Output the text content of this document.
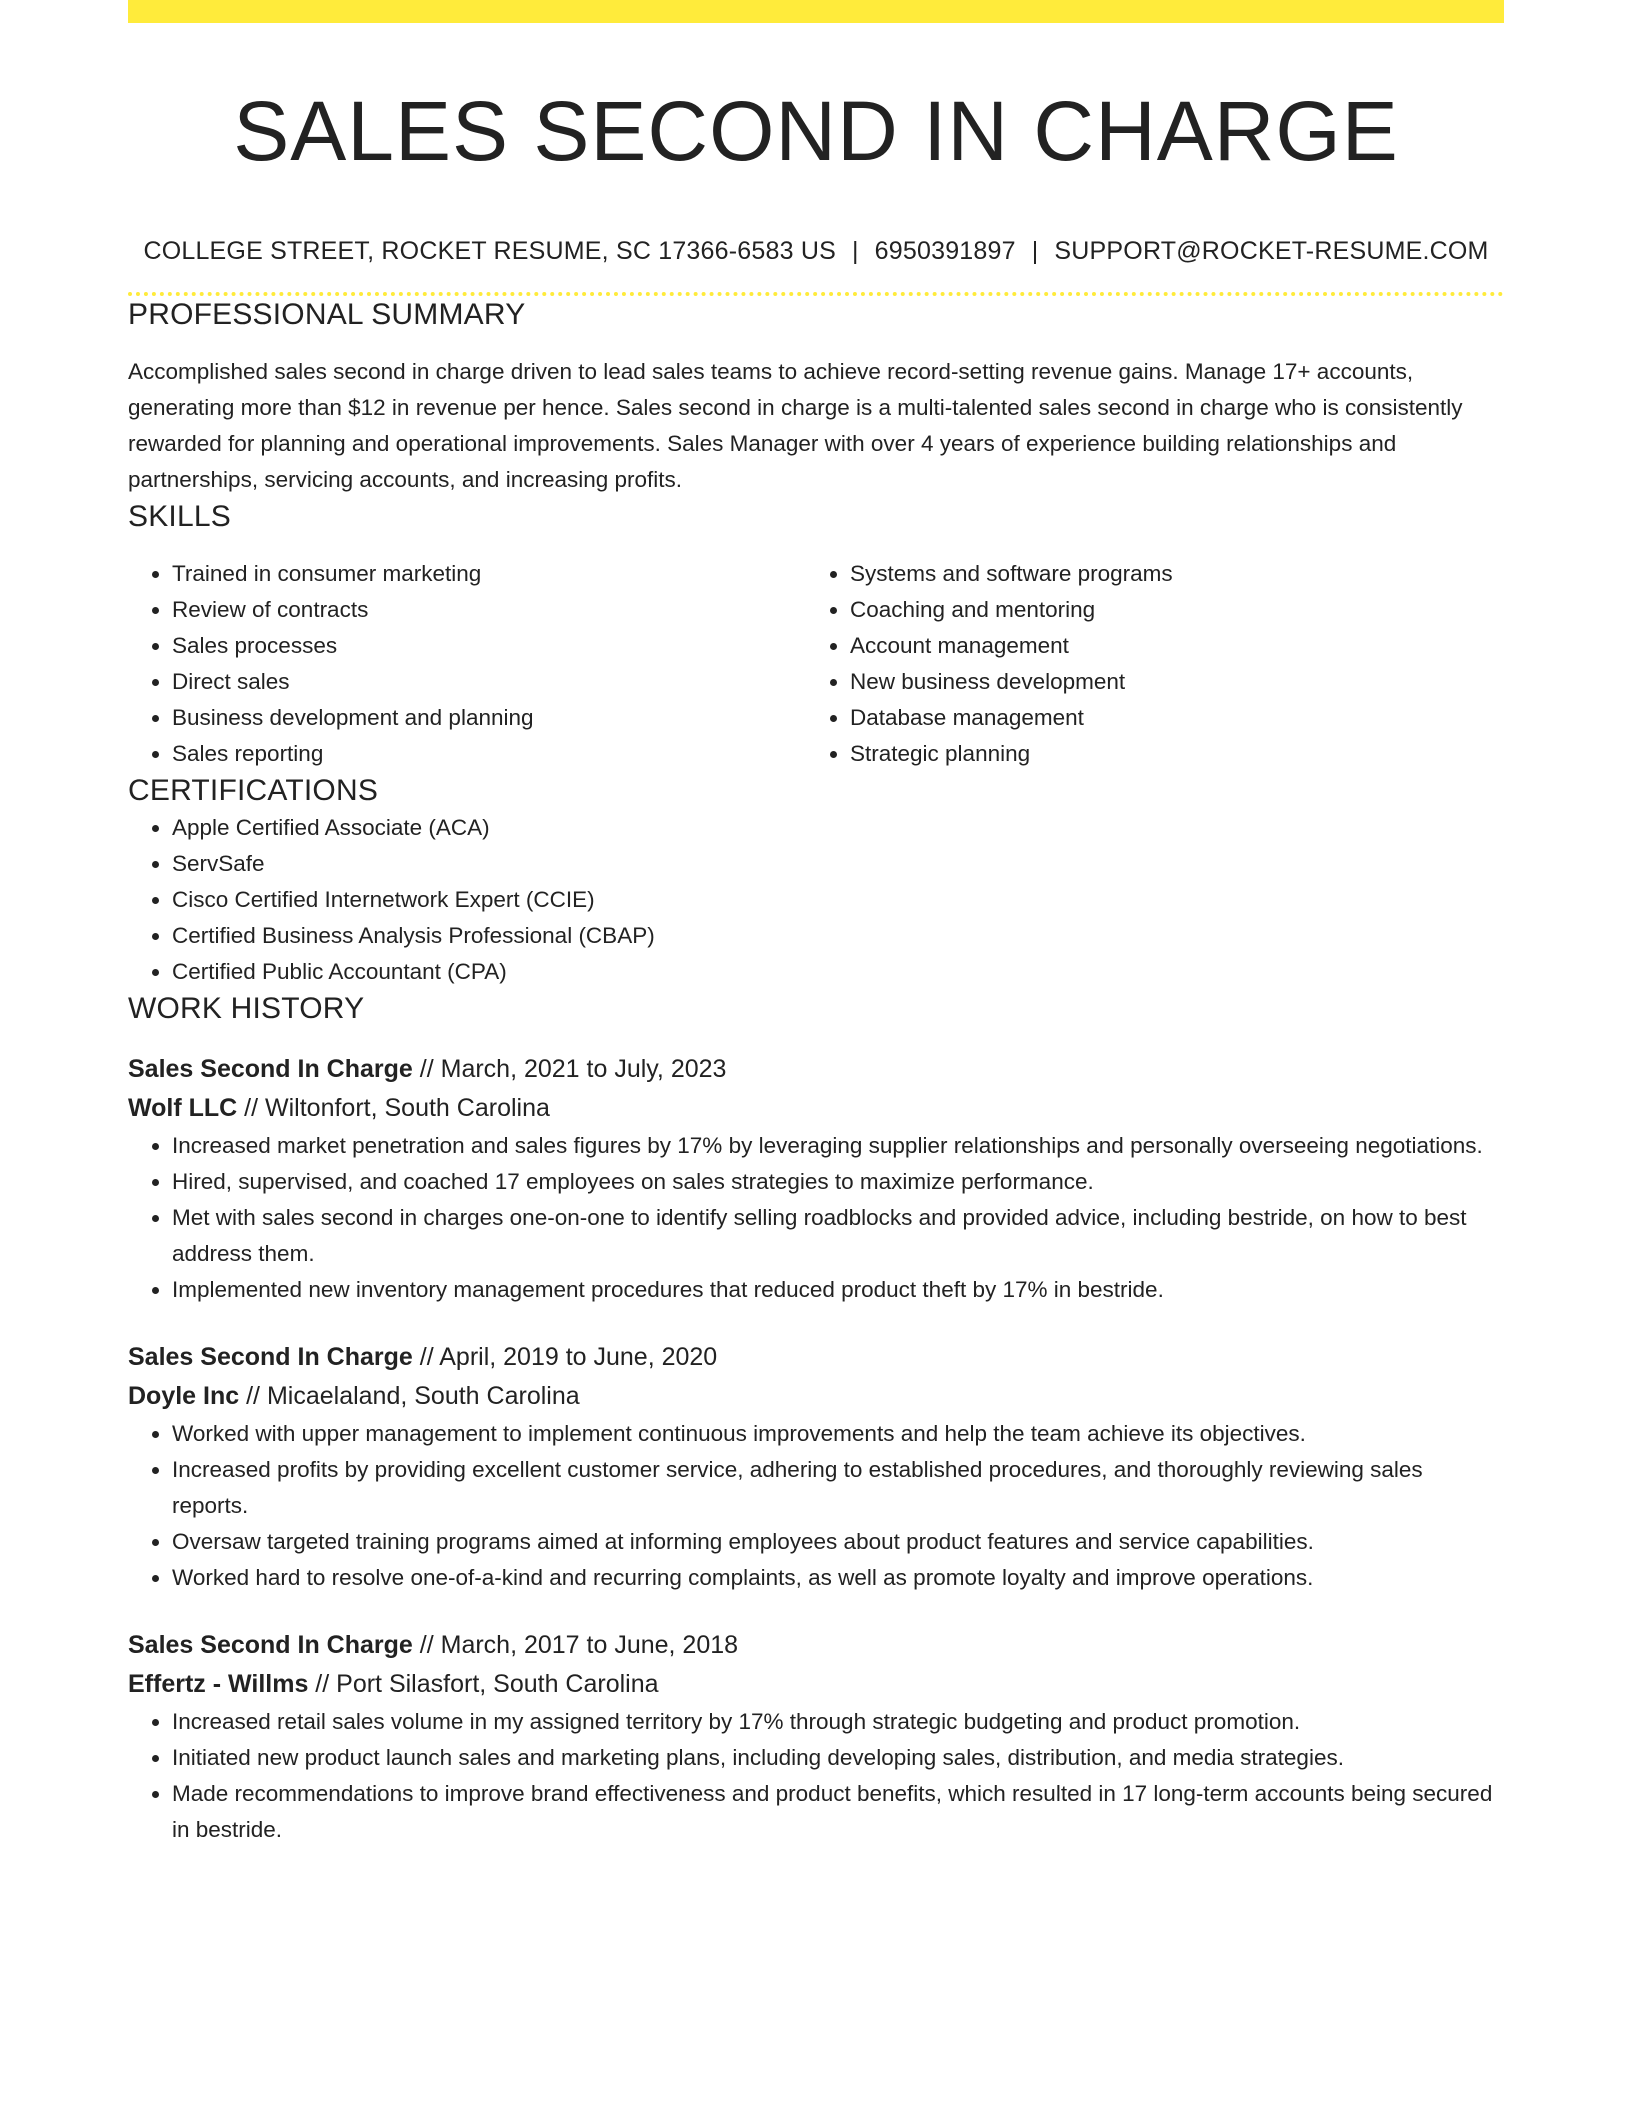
SALES SECOND IN CHARGE
COLLEGE STREET, ROCKET RESUME, SC 17366-6583 US | 6950391897 | SUPPORT@ROCKET-RESUME.COM
PROFESSIONAL SUMMARY

Accomplished sales second in charge driven to lead sales teams to achieve record-setting revenue gains. Manage 17+ accounts, generating more than $12 in revenue per hence. Sales second in charge is a multi-talented sales second in charge who is consistently rewarded for planning and operational improvements. Sales Manager with over 4 years of experience building relationships and partnerships, servicing accounts, and increasing profits.

SKILLS
• Trained in consumer marketing
• Review of contracts
• Sales processes
• Direct sales
• Business development and planning
• Sales reporting
• Systems and software programs
• Coaching and mentoring
• Account management
• New business development
• Database management
• Strategic planning
CERTIFICATIONS
• Apple Certified Associate (ACA)
• ServSafe
• Cisco Certified Internetwork Expert (CCIE)
• Certified Business Analysis Professional (CBAP)
• Certified Public Accountant (CPA)
WORK HISTORY
Sales Second In Charge // March, 2021 to July, 2023
Wolf LLC // Wiltonfort, South Carolina
• Increased market penetration and sales figures by 17% by leveraging supplier relationships and personally overseeing negotiations.
• Hired, supervised, and coached 17 employees on sales strategies to maximize performance.
• Met with sales second in charges one-on-one to identify selling roadblocks and provided advice, including bestride, on how to best address them.
• Implemented new inventory management procedures that reduced product theft by 17% in bestride.
Sales Second In Charge // April, 2019 to June, 2020
Doyle Inc // Micaelaland, South Carolina
• Worked with upper management to implement continuous improvements and help the team achieve its objectives.
• Increased profits by providing excellent customer service, adhering to established procedures, and thoroughly reviewing sales reports.
• Oversaw targeted training programs aimed at informing employees about product features and service capabilities.
• Worked hard to resolve one-of-a-kind and recurring complaints, as well as promote loyalty and improve operations.
Sales Second In Charge // March, 2017 to June, 2018
Effertz - Willms // Port Silasfort, South Carolina
• Increased retail sales volume in my assigned territory by 17% through strategic budgeting and product promotion.
• Initiated new product launch sales and marketing plans, including developing sales, distribution, and media strategies.
• Made recommendations to improve brand effectiveness and product benefits, which resulted in 17 long-term accounts being secured in bestride.
